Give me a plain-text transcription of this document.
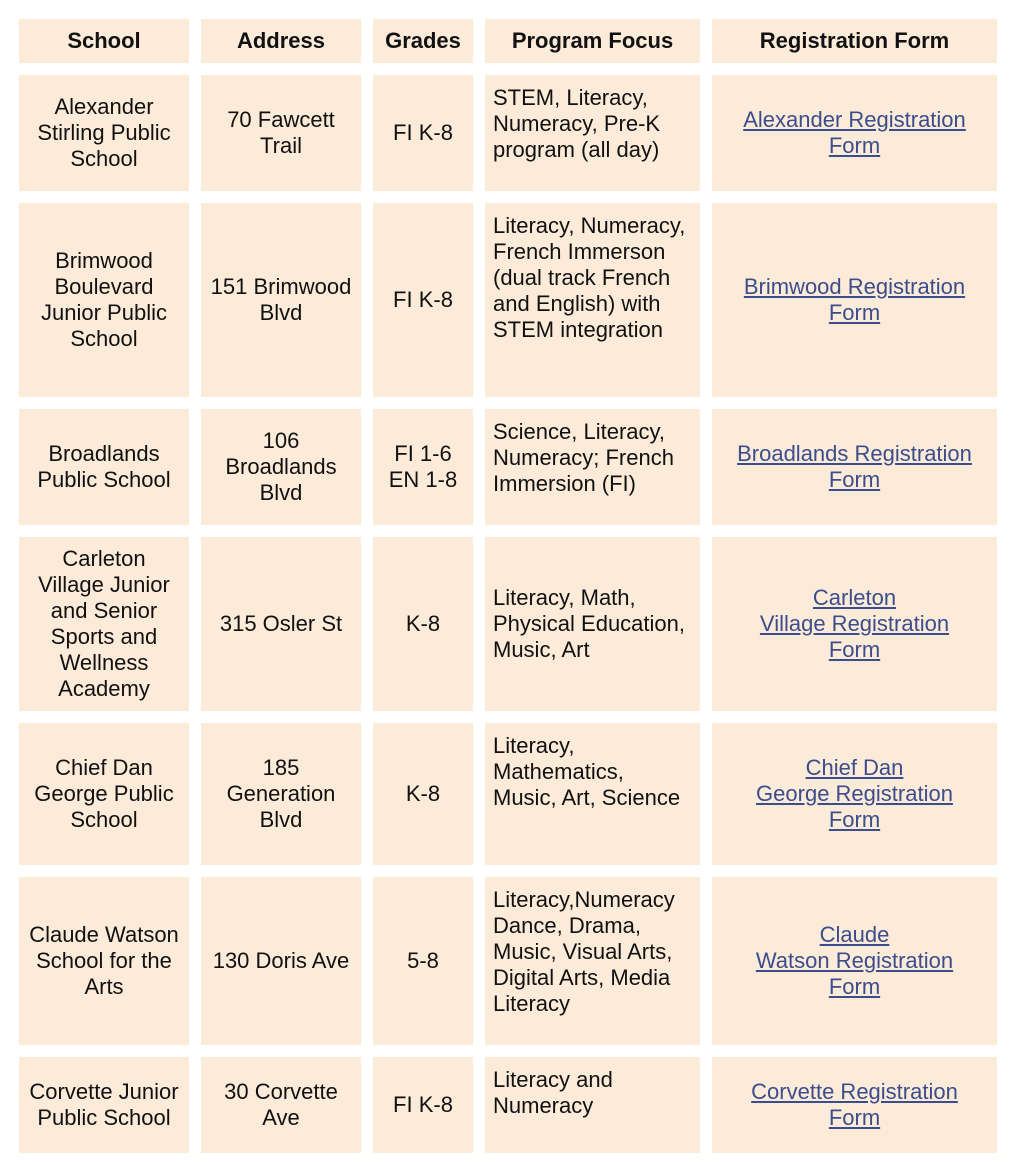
School	Address	Grades	Program Focus	Registration Form
Alexander Stirling Public School	70 Fawcett Trail	FI K-8	STEM, Literacy, Numeracy, Pre-K program (all day)	Alexander Registration
Form

Brimwood Boulevard Junior Public School	151 Brimwood Blvd	FI K-8	Literacy, Numeracy, French Immerson (dual track French and English) with STEM integration	Brimwood Registration
Form

Broadlands Public School	106 Broadlands Blvd	FI 1-6 EN 1-8	Science, Literacy, Numeracy; French Immersion (FI)	Broadlands Registration
Form

Carleton Village Junior and Senior Sports and Wellness Academy	315 Osler St	K-8	Literacy, Math, Physical Education, Music, Art	Carleton
Village Registration
Form

Chief Dan George Public School	185 Generation Blvd	K-8	Literacy, Mathematics, Music, Art, Science	Chief Dan
George Registration
Form

Claude Watson School for the Arts	130 Doris Ave	5-8	Literacy,Numeracy Dance, Drama, Music, Visual Arts, Digital Arts, Media Literacy	Claude
Watson Registration
Form

Corvette Junior Public School	30 Corvette Ave	FI K-8	Literacy and Numeracy	Corvette Registration
Form
